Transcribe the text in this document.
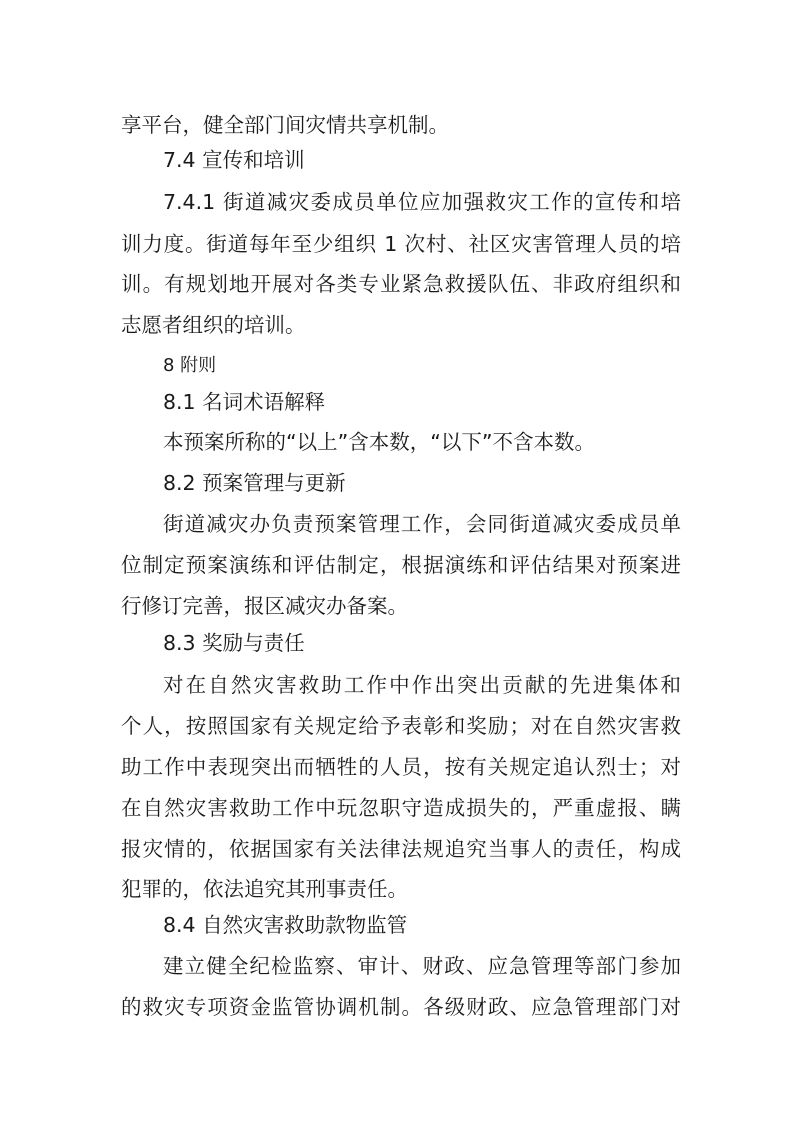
享平台，健全部门间灾情共享机制。
7.4 宣传和培训
7.4.1 街道减灾委成员单位应加强救灾工作的宣传和培
训力度。街道每年至少组织 1 次村、社区灾害管理人员的培
训。有规划地开展对各类专业紧急救援队伍、非政府组织和
志愿者组织的培训。
8 附则
8.1 名词术语解释
本预案所称的“以上”含本数，“以下”不含本数。
8.2 预案管理与更新
街道减灾办负责预案管理工作，会同街道减灾委成员单
位制定预案演练和评估制定，根据演练和评估结果对预案进
行修订完善，报区减灾办备案。
8.3 奖励与责任
对在自然灾害救助工作中作出突出贡献的先进集体和
个人，按照国家有关规定给予表彰和奖励；对在自然灾害救
助工作中表现突出而牺牲的人员，按有关规定追认烈士；对
在自然灾害救助工作中玩忽职守造成损失的，严重虚报、瞒
报灾情的，依据国家有关法律法规追究当事人的责任，构成
犯罪的，依法追究其刑事责任。
8.4 自然灾害救助款物监管
建立健全纪检监察、审计、财政、应急管理等部门参加
的救灾专项资金监管协调机制。各级财政、应急管理部门对
